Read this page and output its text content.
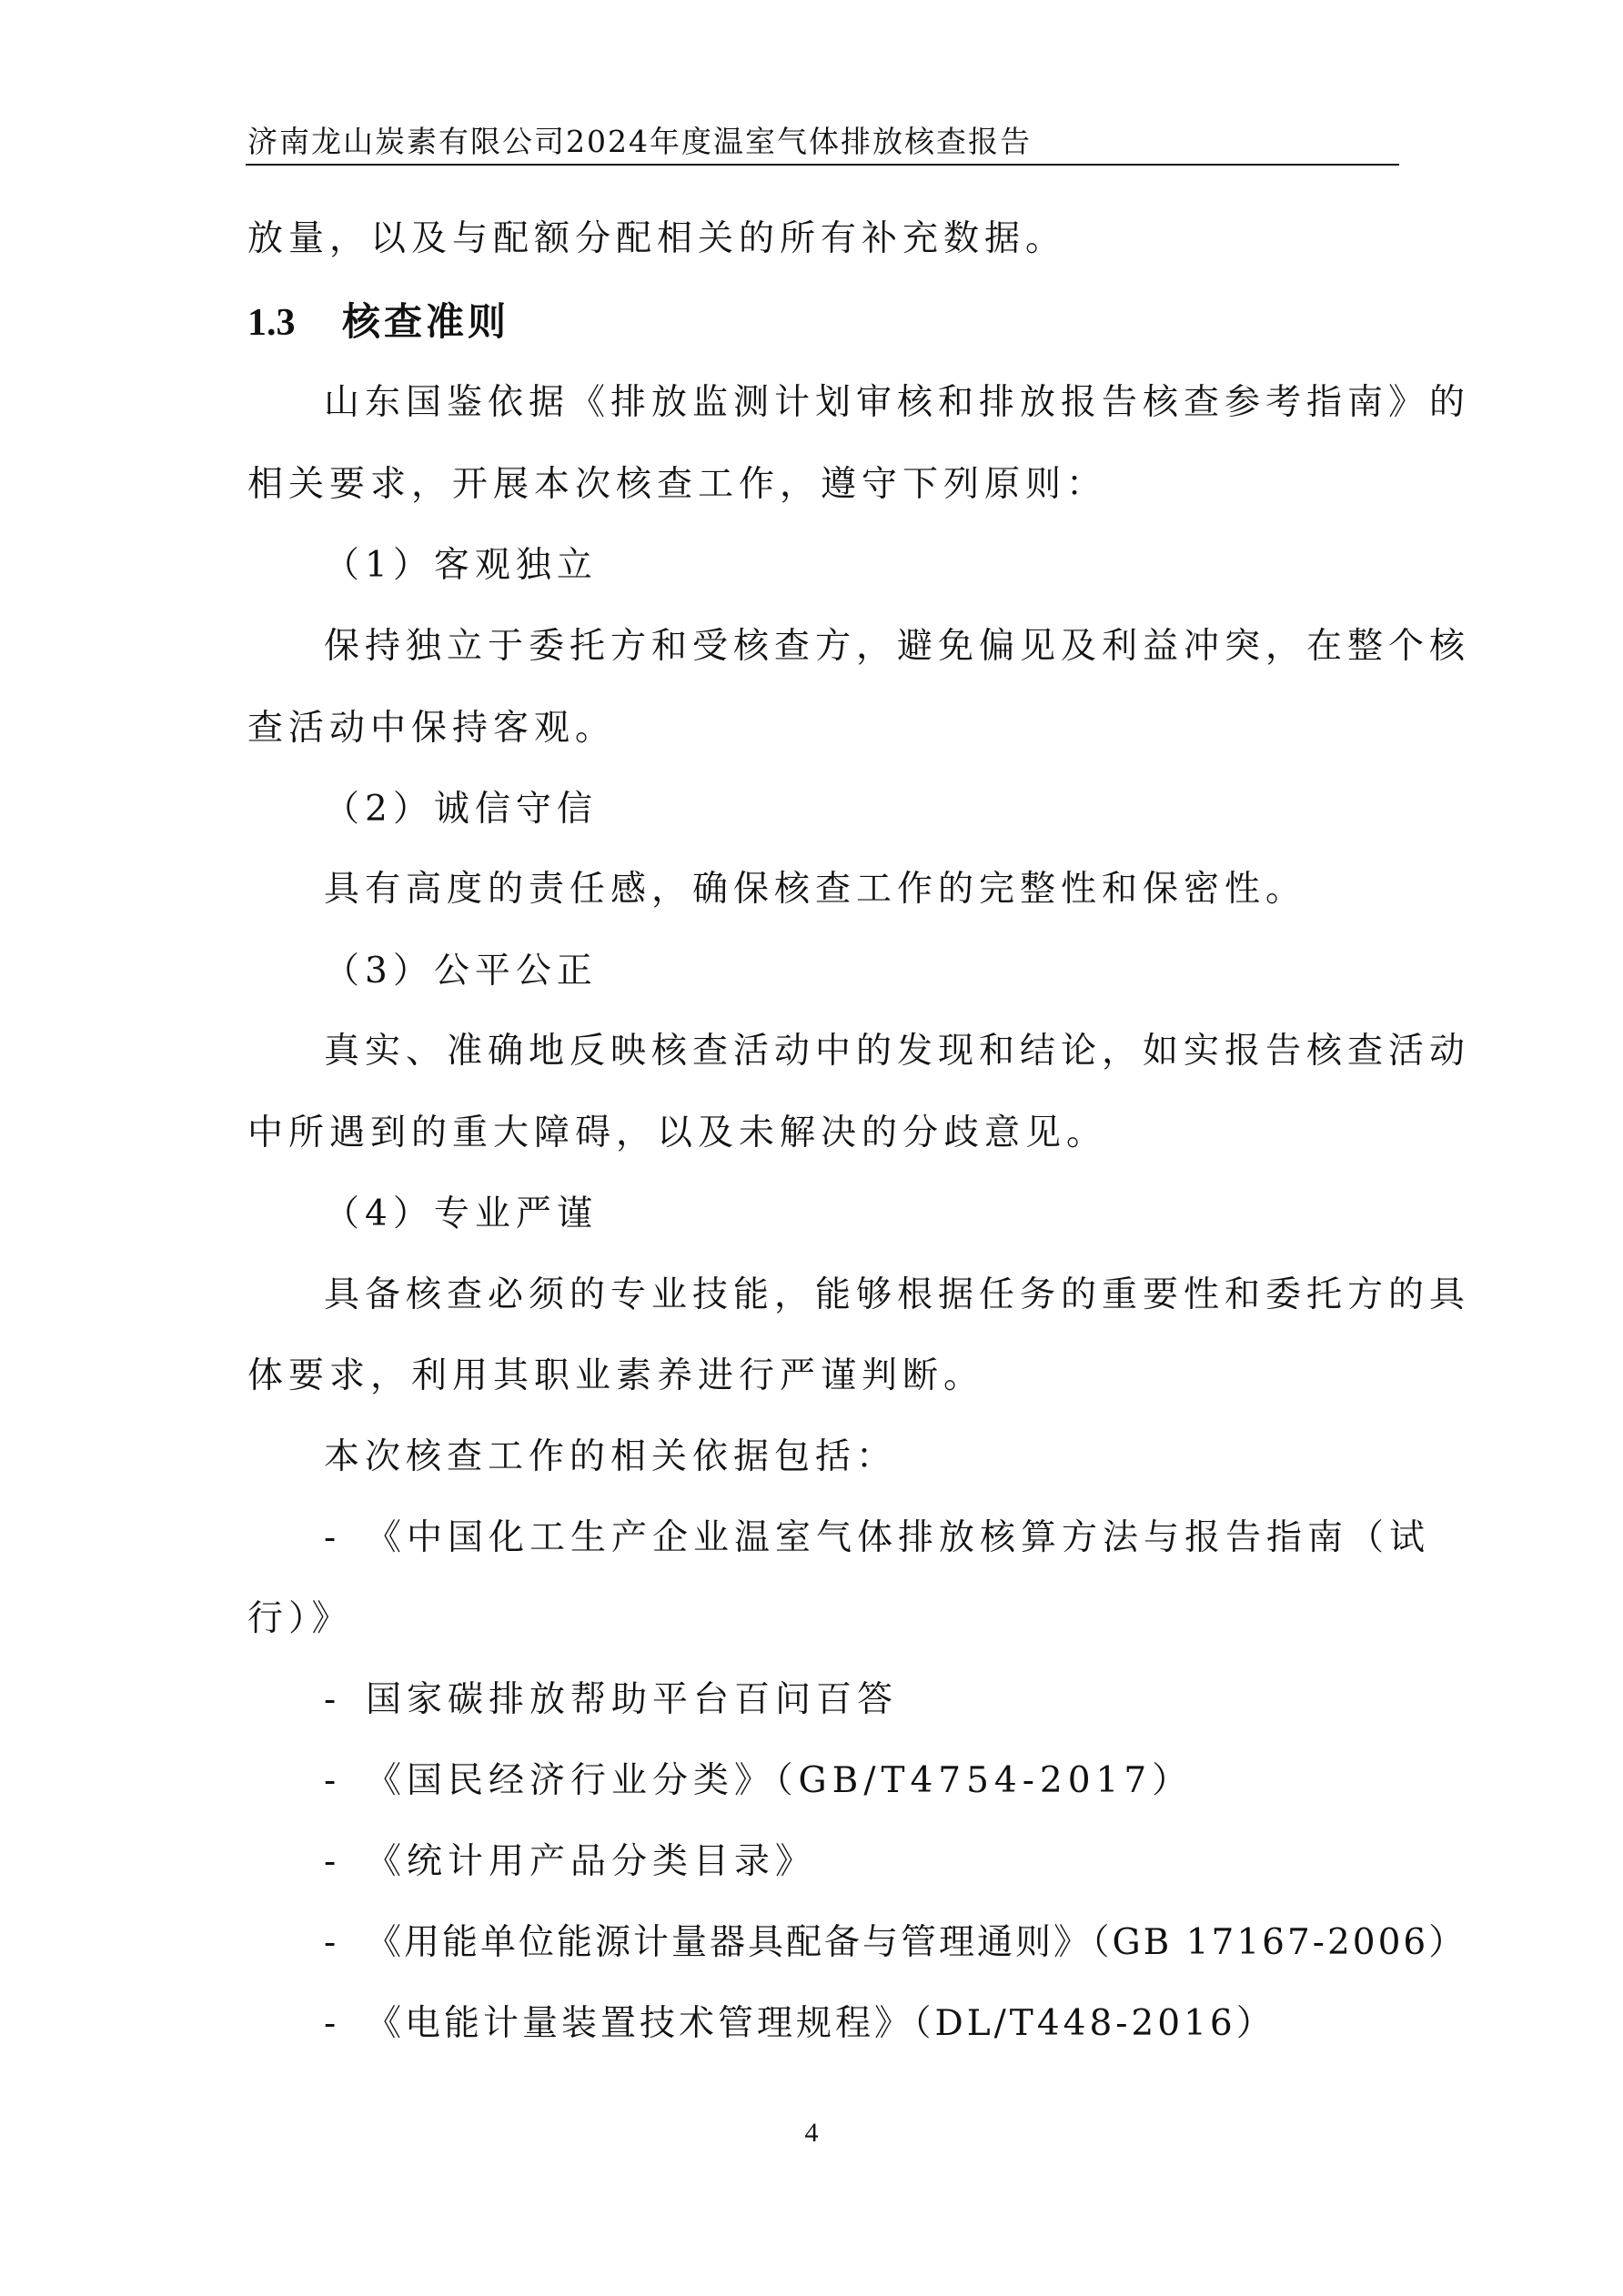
济南龙山炭素有限公司2024年度温室气体排放核查报告
放量，以及与配额分配相关的所有补充数据。
1.3 核查准则
山东国鉴依据《排放监测计划审核和排放报告核查参考指南》的
相关要求，开展本次核查工作，遵守下列原则：
（1）客观独立
保持独立于委托方和受核查方，避免偏见及利益冲突，在整个核
查活动中保持客观。
（2）诚信守信
具有高度的责任感，确保核查工作的完整性和保密性。
（3）公平公正
真实、准确地反映核查活动中的发现和结论，如实报告核查活动
中所遇到的重大障碍，以及未解决的分歧意见。
（4）专业严谨
具备核查必须的专业技能，能够根据任务的重要性和委托方的具
体要求，利用其职业素养进行严谨判断。
本次核查工作的相关依据包括：
- 《中国化工生产企业温室气体排放核算方法与报告指南（试
行）》
- 国家碳排放帮助平台百问百答
- 《国民经济行业分类》（GB/T4754-2017）
- 《统计用产品分类目录》
- 《用能单位能源计量器具配备与管理通则》（GB 17167-2006）
- 《电能计量装置技术管理规程》（DL/T448-2016）
4
